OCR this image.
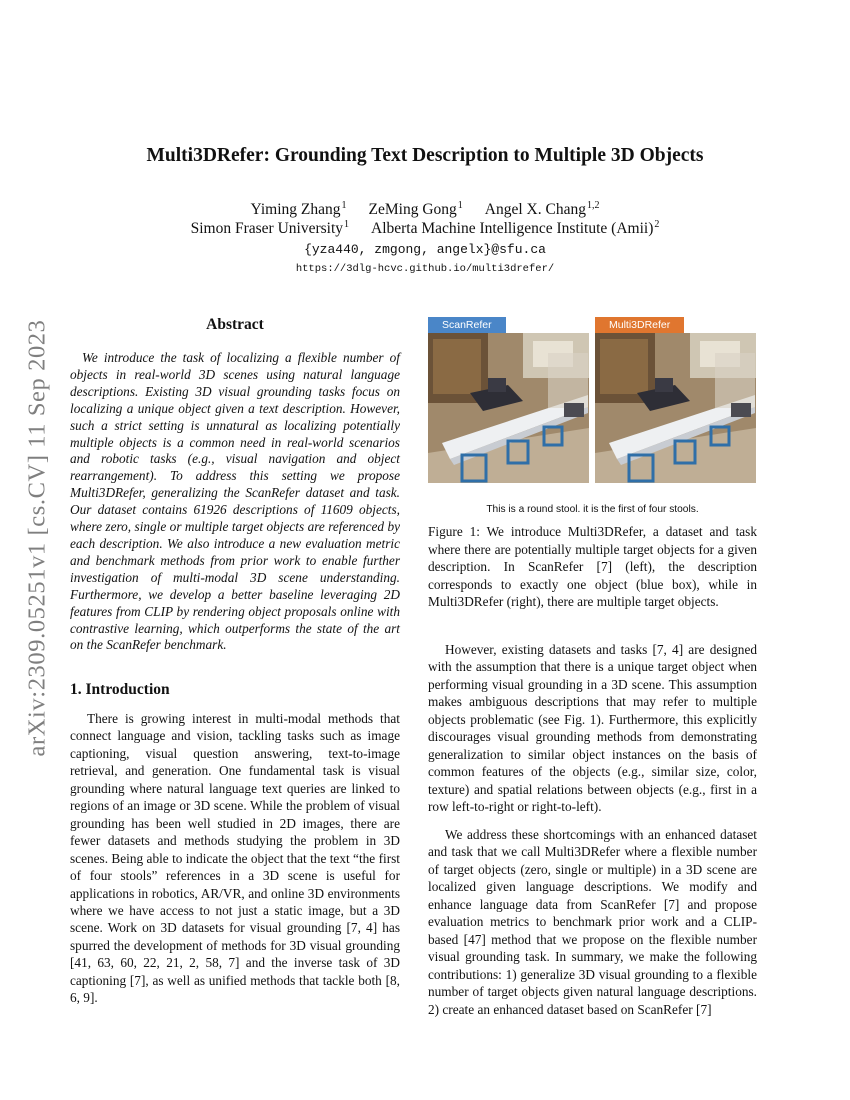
arXiv:2309.05251v1 [cs.CV] 11 Sep 2023
Multi3DRefer: Grounding Text Description to Multiple 3D Objects
Yiming Zhang$^1$ ZeMing Gong$^1$ Angel X. Chang$^{1,2}$
Simon Fraser University$^1$ Alberta Machine Intelligence Institute (Amii)$^2$
{yza440, zmgong, angelx}@sfu.ca
https://3dlg-hcvc.github.io/multi3drefer/
Abstract

We introduce the task of localizing a flexible number of objects in real-world 3D scenes using natural language descriptions. Existing 3D visual grounding tasks focus on localizing a unique object given a text description. However, such a strict setting is unnatural as localizing potentially multiple objects is a common need in real-world scenarios and robotic tasks (e.g., visual navigation and object rearrangement). To address this setting we propose Multi3DRefer, generalizing the ScanRefer dataset and task. Our dataset contains 61926 descriptions of 11609 objects, where zero, single or multiple target objects are referenced by each description. We also introduce a new evaluation metric and benchmark methods from prior work to enable further investigation of multi-modal 3D scene understanding. Furthermore, we develop a better baseline leveraging 2D features from CLIP by rendering object proposals online with contrastive learning, which outperforms the state of the art on the ScanRefer benchmark.

1. Introduction

There is growing interest in multi-modal methods that connect language and vision, tackling tasks such as image captioning, visual question answering, text-to-image retrieval, and generation. One fundamental task is visual grounding where natural language text queries are linked to regions of an image or 3D scene. While the problem of visual grounding has been well studied in 2D images, there are fewer datasets and methods studying the problem in 3D scenes. Being able to indicate the object that the text “the first of four stools” references in a 3D scene is useful for applications in robotics, AR/VR, and online 3D environments where we have access to not just a static image, but a 3D scene. Work on 3D datasets for visual grounding [7, 4] has spurred the development of methods for 3D visual grounding [41, 63, 60, 22, 21, 2, 58, 7] and the inverse task of 3D captioning [7], as well as unified methods that tackle both [8, 6, 9].

ScanRefer	Multi3DRefer
This is a round stool. it is the first of four stools.

Figure 1: We introduce Multi3DRefer, a dataset and task where there are potentially multiple target objects for a given description. In ScanRefer [7] (left), the description corresponds to exactly one object (blue box), while in Multi3DRefer (right), there are multiple target objects.

However, existing datasets and tasks [7, 4] are designed with the assumption that there is a unique target object when performing visual grounding in a 3D scene. This assumption makes ambiguous descriptions that may refer to multiple objects problematic (see Fig. 1). Furthermore, this explicitly discourages visual grounding methods from demonstrating generalization to similar object instances on the basis of common features of the objects (e.g., similar size, color, texture) and spatial relations between objects (e.g., first in a row left-to-right or right-to-left).

We address these shortcomings with an enhanced dataset and task that we call Multi3DRefer where a flexible number of target objects (zero, single or multiple) in a 3D scene are localized given language descriptions. We modify and enhance language data from ScanRefer [7] and propose evaluation metrics to benchmark prior work and a CLIP-based [47] method that we propose on the flexible number visual grounding task. In summary, we make the following contributions: 1) generalize 3D visual grounding to a flexible number of target objects given natural language descriptions. 2) create an enhanced dataset based on ScanRefer [7]
